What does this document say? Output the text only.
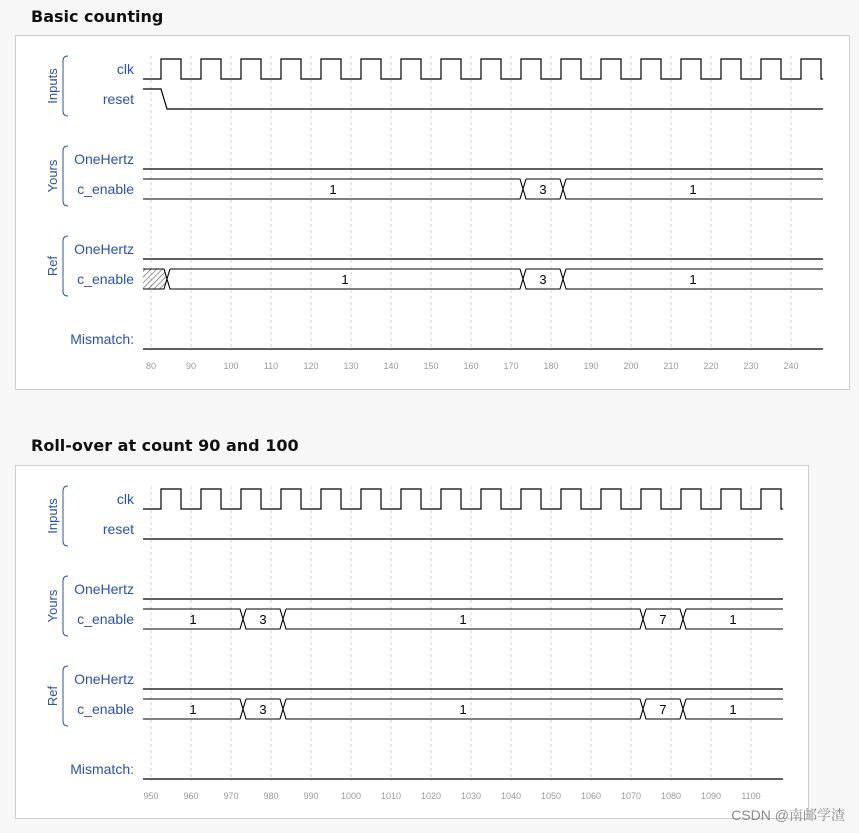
Basic counting
80	90	100	110	120	130	140	150	160	170	180	190	200	210	220	230	240
Inputs	clk
reset
Yours
OneHertz
c_enable
Ref
OneHertz
c_enable
Mismatch:
1	3	1
1	3	1
Roll-over at count 90 and 100
950	960	970	980	990 1000 1010 1020 1030 1040 1050 1060 1070 1080 1090 1100
Inputs	clk
reset
Yours
OneHertz
c_enable
Ref
OneHertz
c_enable
Mismatch:
1	3	1	7	1
1	3	1	7	1
CSDN @南邮学渣
